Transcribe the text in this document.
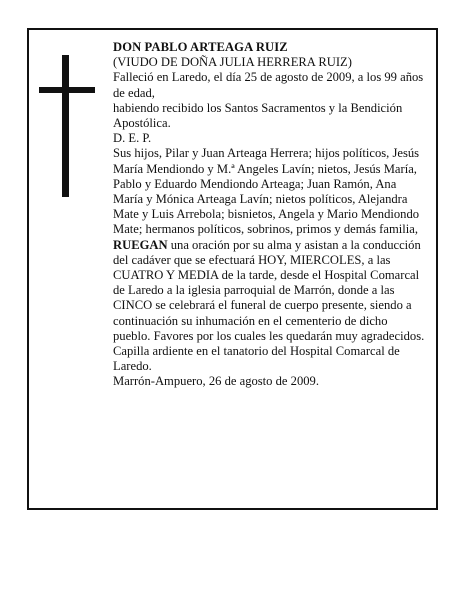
DON PABLO ARTEAGA RUIZ

(VIUDO DE DOÑA JULIA HERRERA RUIZ)

Falleció en Laredo, el día 25 de agosto de 2009, a los 99 años de edad,

habiendo recibido los Santos Sacramentos y la Bendición Apostólica.

D. E. P.

Sus hijos, Pilar y Juan Arteaga Herrera; hijos políticos, Jesús María Mendiondo y M.ª Angeles Lavín; nietos, Jesús María, Pablo y Eduardo Mendiondo Arteaga; Juan Ramón, Ana María y Mónica Arteaga Lavín; nietos políticos, Alejandra Mate y Luis Arrebola; bisnietos, Angela y Mario Mendiondo Mate; hermanos políticos, sobrinos, primos y demás familia,

RUEGAN una oración por su alma y asistan a la conducción del cadáver que se efectuará HOY, MIERCOLES, a las CUATRO Y MEDIA de la tarde, desde el Hospital Comarcal de Laredo a la iglesia parroquial de Marrón, donde a las CINCO se celebrará el funeral de cuerpo presente, siendo a continuación su inhumación en el cementerio de dicho pueblo. Favores por los cuales les quedarán muy agradecidos. Capilla ardiente en el tanatorio del Hospital Comarcal de Laredo.

Marrón-Ampuero, 26 de agosto de 2009.
